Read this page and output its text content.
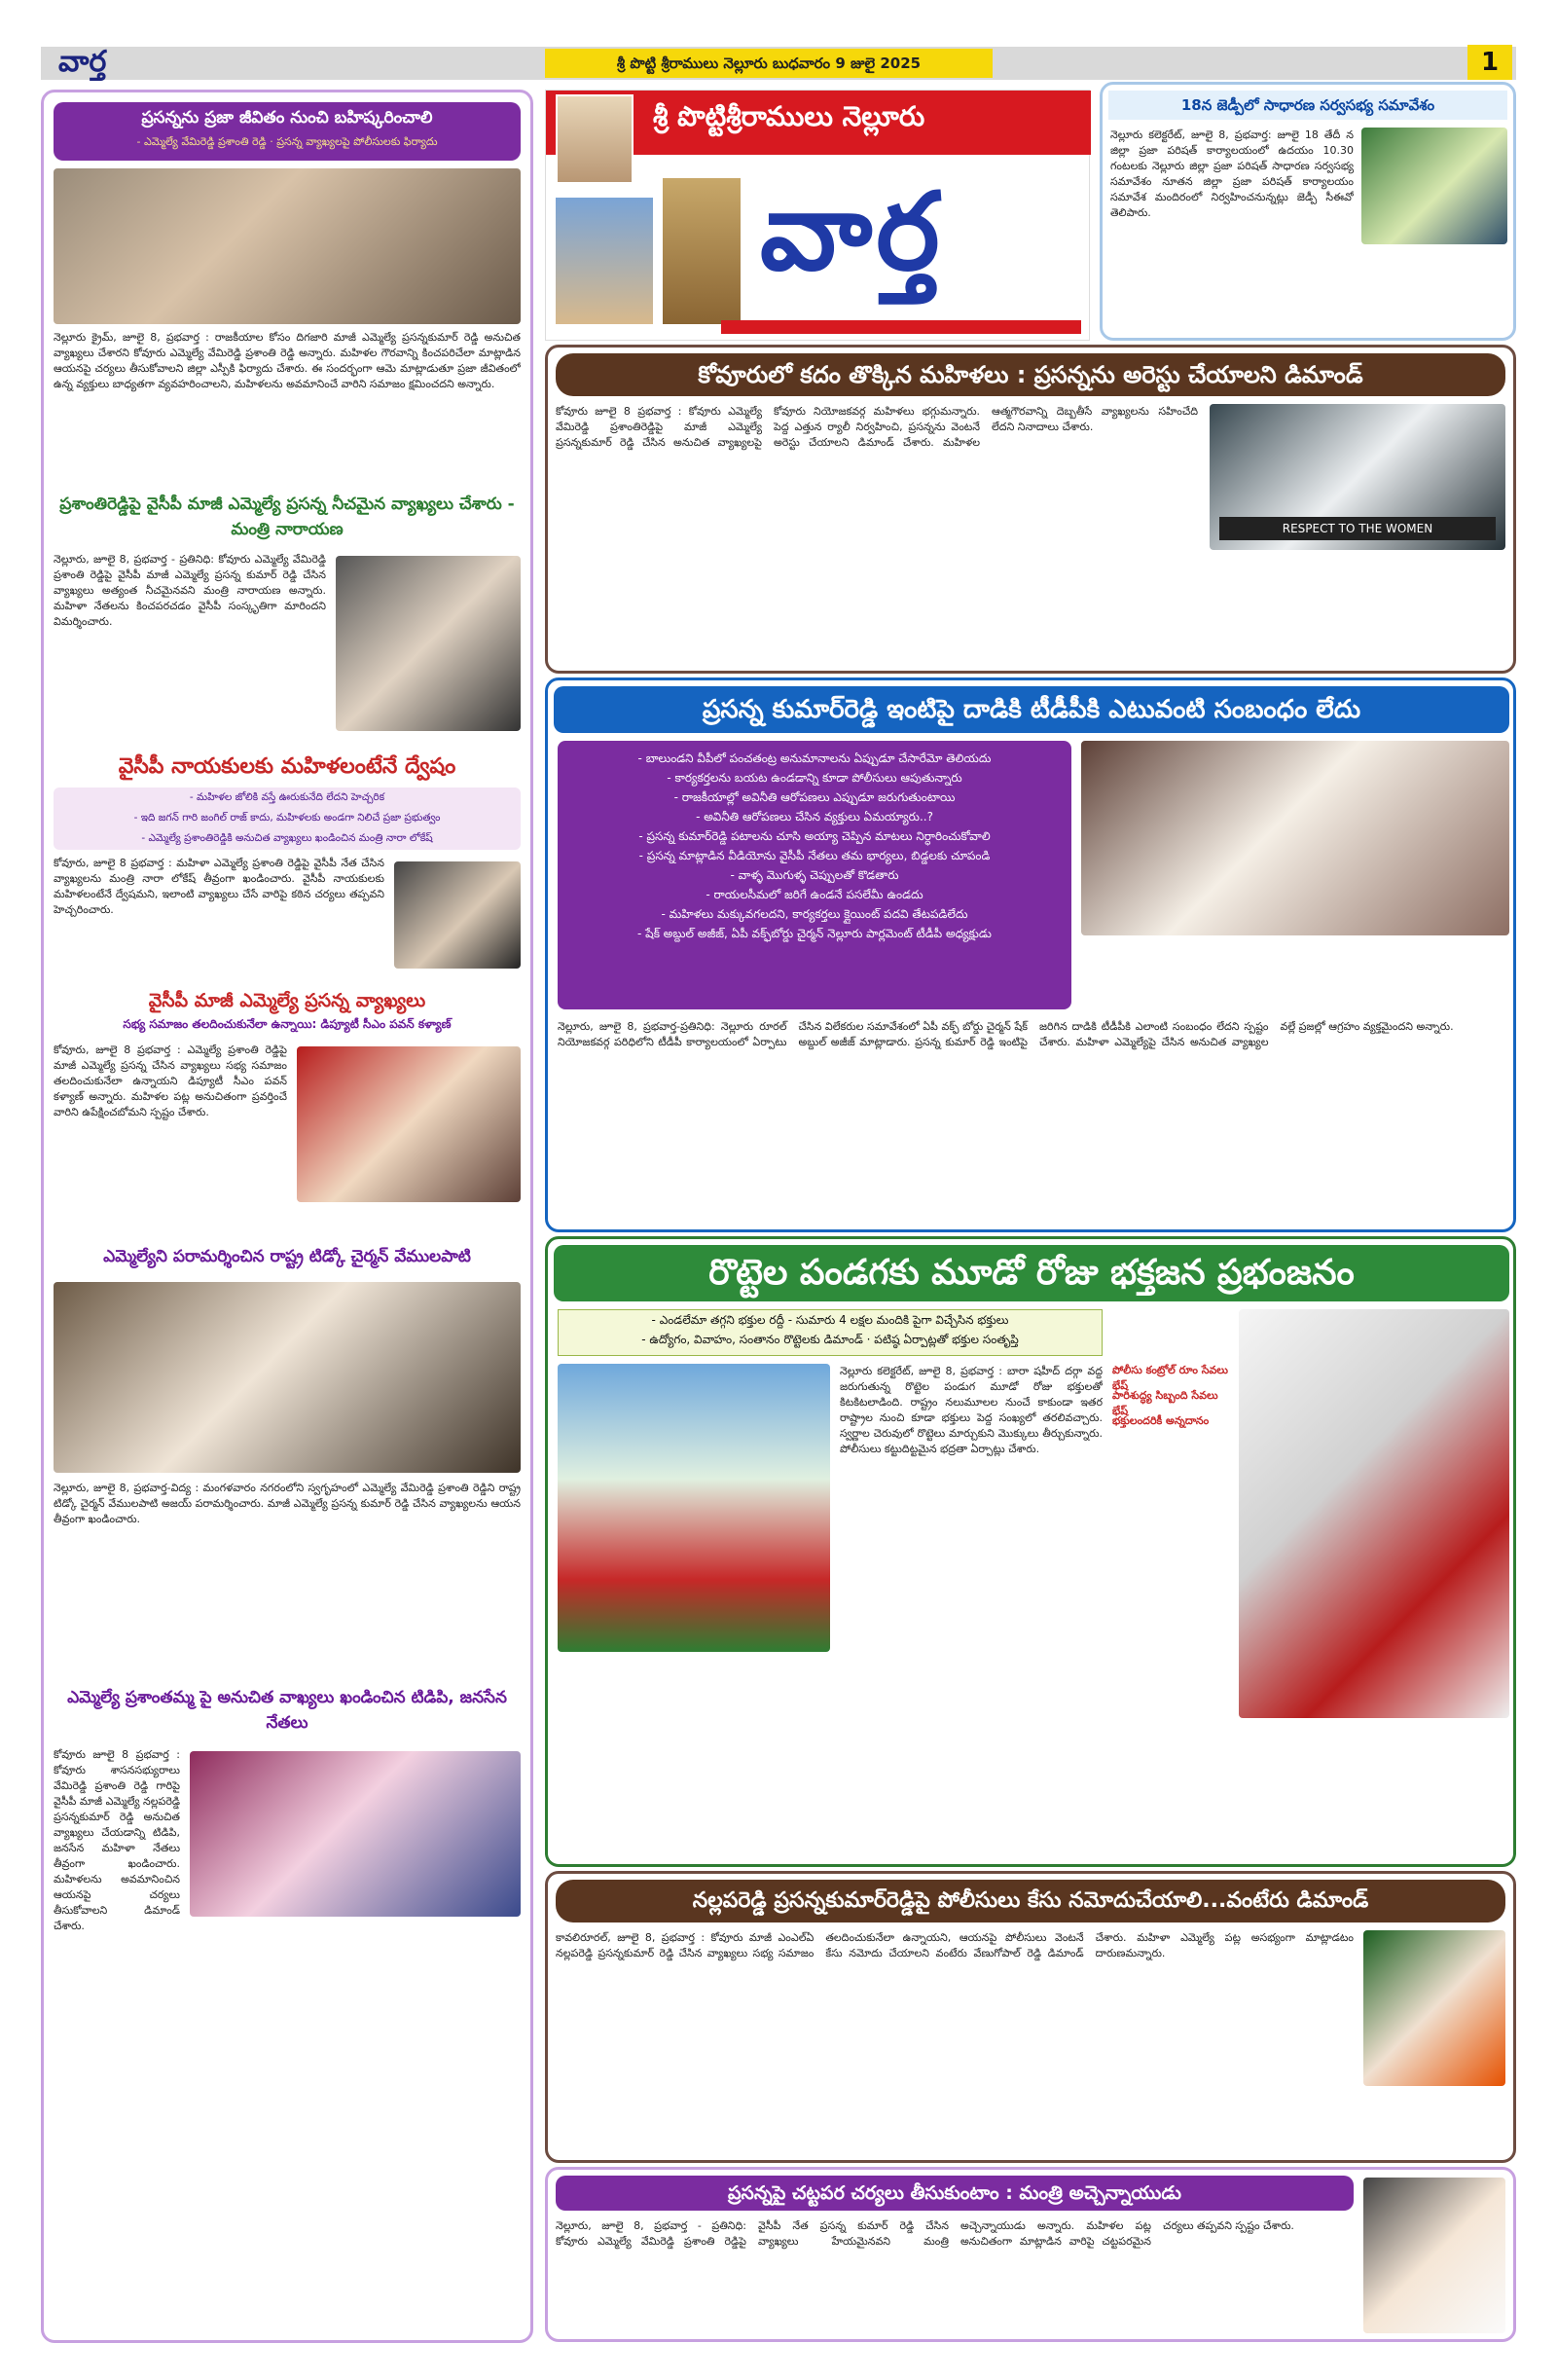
వార్త	శ్రీ పొట్టి శ్రీరాములు నెల్లూరు బుధవారం 9 జులై 2025	1
ప్రసన్నను ప్రజా జీవితం నుంచి బహిష్కరించాలి
- ఎమ్మెల్యే వేమిరెడ్డి ప్రశాంతి రెడ్డి · ప్రసన్న వ్యాఖ్యలపై పోలీసులకు ఫిర్యాదు
నెల్లూరు క్రైమ్, జూలై 8, ప్రభవార్త : రాజకీయాల కోసం దిగజారి మాజీ ఎమ్మెల్యే ప్రసన్నకుమార్ రెడ్డి అనుచిత వ్యాఖ్యలు చేశారని కోవూరు ఎమ్మెల్యే వేమిరెడ్డి ప్రశాంతి రెడ్డి అన్నారు. మహిళల గౌరవాన్ని కించపరిచేలా మాట్లాడిన ఆయనపై చర్యలు తీసుకోవాలని జిల్లా ఎస్పీకి ఫిర్యాదు చేశారు. ఈ సందర్భంగా ఆమె మాట్లాడుతూ ప్రజా జీవితంలో ఉన్న వ్యక్తులు బాధ్యతగా వ్యవహరించాలని, మహిళలను అవమానించే వారిని సమాజం క్షమించదని అన్నారు.
ప్రశాంతిరెడ్డిపై వైసీపీ మాజీ ఎమ్మెల్యే ప్రసన్న నీచమైన వ్యాఖ్యలు చేశారు - మంత్రి నారాయణ
నెల్లూరు, జూలై 8, ప్రభవార్త - ప్రతినిధి: కోవూరు ఎమ్మెల్యే వేమిరెడ్డి ప్రశాంతి రెడ్డిపై వైసీపీ మాజీ ఎమ్మెల్యే ప్రసన్న కుమార్ రెడ్డి చేసిన వ్యాఖ్యలు అత్యంత నీచమైనవని మంత్రి నారాయణ అన్నారు. మహిళా నేతలను కించపరచడం వైసీపీ సంస్కృతిగా మారిందని విమర్శించారు.
వైసీపీ నాయకులకు మహిళలంటేనే ద్వేషం
- మహిళల జోలికి వస్తే ఊరుకునేది లేదని హెచ్చరిక
- ఇది జగన్ గారి జంగిల్ రాజ్ కాదు, మహిళలకు అండగా నిలిచే ప్రజా ప్రభుత్వం
- ఎమ్మెల్యే ప్రశాంతిరెడ్డికి అనుచిత వ్యాఖ్యలు ఖండించిన మంత్రి నారా లోకేష్
కోవూరు, జూలై 8 ప్రభవార్త : మహిళా ఎమ్మెల్యే ప్రశాంతి రెడ్డిపై వైసీపీ నేత చేసిన వ్యాఖ్యలను మంత్రి నారా లోకేష్ తీవ్రంగా ఖండించారు. వైసీపీ నాయకులకు మహిళలంటేనే ద్వేషమని, ఇలాంటి వ్యాఖ్యలు చేసే వారిపై కఠిన చర్యలు తప్పవని హెచ్చరించారు.
వైసీపీ మాజీ ఎమ్మెల్యే ప్రసన్న వ్యాఖ్యలు
సభ్య సమాజం తలదించుకునేలా ఉన్నాయి: డిప్యూటీ సీఎం పవన్ కళ్యాణ్
కోవూరు, జూలై 8 ప్రభవార్త : ఎమ్మెల్యే ప్రశాంతి రెడ్డిపై మాజీ ఎమ్మెల్యే ప్రసన్న చేసిన వ్యాఖ్యలు సభ్య సమాజం తలదించుకునేలా ఉన్నాయని డిప్యూటీ సీఎం పవన్ కళ్యాణ్ అన్నారు. మహిళల పట్ల అనుచితంగా ప్రవర్తించే వారిని ఉపేక్షించబోమని స్పష్టం చేశారు.
ఎమ్మెల్యేని పరామర్శించిన రాష్ట్ర టిడ్కో చైర్మన్ వేములపాటి
నెల్లూరు, జూలై 8, ప్రభవార్త-విద్య : మంగళవారం నగరంలోని స్వగృహంలో ఎమ్మెల్యే వేమిరెడ్డి ప్రశాంతి రెడ్డిని రాష్ట్ర టిడ్కో చైర్మన్ వేములపాటి అజయ్ పరామర్శించారు. మాజీ ఎమ్మెల్యే ప్రసన్న కుమార్ రెడ్డి చేసిన వ్యాఖ్యలను ఆయన తీవ్రంగా ఖండించారు.
ఎమ్మెల్యే ప్రశాంతమ్మ పై అనుచిత వాఖ్యలు ఖండించిన టిడిపి, జనసేన నేతలు
కోవూరు జూలై 8 ప్రభవార్త : కోవూరు శాసనసభ్యురాలు వేమిరెడ్డి ప్రశాంతి రెడ్డి గారిపై వైసీపీ మాజీ ఎమ్మెల్యే నల్లపరెడ్డి ప్రసన్నకుమార్ రెడ్డి అనుచిత వ్యాఖ్యలు చేయడాన్ని టిడిపి, జనసేన మహిళా నేతలు తీవ్రంగా ఖండించారు. మహిళలను అవమానించిన ఆయనపై చర్యలు తీసుకోవాలని డిమాండ్ చేశారు.
శ్రీ పొట్టిశ్రీరాములు నెల్లూరు
వార్త
18న జెడ్పీలో సాధారణ సర్వసభ్య సమావేశం
నెల్లూరు కలెక్టరేట్, జూలై 8, ప్రభవార్త: జూలై 18 తేదీ న జిల్లా ప్రజా పరిషత్ కార్యాలయంలో ఉదయం 10.30 గంటలకు నెల్లూరు జిల్లా ప్రజా పరిషత్ సాధారణ సర్వసభ్య సమావేశం నూతన జిల్లా ప్రజా పరిషత్ కార్యాలయం సమావేశ మందిరంలో నిర్వహించనున్నట్లు జెడ్పీ సీఈవో తెలిపారు.
కోవూరులో కదం తొక్కిన మహిళలు : ప్రసన్నను అరెస్టు చేయాలని డిమాండ్
కోవూరు జూలై 8 ప్రభవార్త : కోవూరు ఎమ్మెల్యే వేమిరెడ్డి ప్రశాంతిరెడ్డిపై మాజీ ఎమ్మెల్యే ప్రసన్నకుమార్ రెడ్డి చేసిన అనుచిత వ్యాఖ్యలపై కోవూరు నియోజకవర్గ మహిళలు భగ్గుమన్నారు. పెద్ద ఎత్తున ర్యాలీ నిర్వహించి, ప్రసన్నను వెంటనే అరెస్టు చేయాలని డిమాండ్ చేశారు. మహిళల ఆత్మగౌరవాన్ని దెబ్బతీసే వ్యాఖ్యలను సహించేది లేదని నినాదాలు చేశారు.
RESPECT TO THE WOMEN
ప్రసన్న కుమార్‌రెడ్డి ఇంటిపై దాడికి టీడీపీకి ఎటువంటి సంబంధం లేదు
- బాలుండని వీపీలో పంచతంట్ర అనుమానాలను ఏప్పుడూ చేసారేమో తెలియదు
- కార్యకర్తలను బయట ఉండడాన్ని కూడా పోలీసులు ఆపుతున్నారు
- రాజకీయాల్లో అవినీతి ఆరోపణలు ఎప్పుడూ జరుగుతుంటాయి
- అవినీతి ఆరోపణలు చేసిన వ్యక్తులు ఏమయ్యారు..?
- ప్రసన్న కుమార్‌రెడ్డి పటాలను చూసి అయ్యా చెప్పిన మాటలు నిర్ధారించుకోవాలి
- ప్రసన్న మాట్లాడిన వీడియోను వైసీపీ నేతలు తమ భార్యలు, బిడ్డలకు చూపండి
- వాళ్ళ మొగుళ్ళ చెప్పులతో కొడతారు
- రాయలసీమలో జరిగే ఉండనే పసలేమీ ఉండదు
- మహిళలు మక్కువగలదని, కార్యకర్తలు క్లైయింట్ పదవి తేటపడిలేదు
- షేక్ అబ్దుల్ అజీజ్, ఏపీ వక్ఫ్‌బోర్డు చైర్మన్ నెల్లూరు పార్లమెంట్ టీడీపీ అధ్యక్షుడు
నెల్లూరు, జూలై 8, ప్రభవార్త-ప్రతినిధి: నెల్లూరు రూరల్ నియోజకవర్గ పరిధిలోని టీడీపీ కార్యాలయంలో ఏర్పాటు చేసిన విలేకరుల సమావేశంలో ఏపీ వక్ఫ్ బోర్డు చైర్మన్ షేక్ అబ్దుల్ అజీజ్ మాట్లాడారు. ప్రసన్న కుమార్ రెడ్డి ఇంటిపై జరిగిన దాడికి టీడీపీకి ఎలాంటి సంబంధం లేదని స్పష్టం చేశారు. మహిళా ఎమ్మెల్యేపై చేసిన అనుచిత వ్యాఖ్యల వల్లే ప్రజల్లో ఆగ్రహం వ్యక్తమైందని అన్నారు.
రొట్టెల పండగకు మూడో రోజు భక్తజన ప్రభంజనం
- ఎండలేమా తగ్గని భక్తుల రద్దీ - సుమారు 4 లక్షల మందికి పైగా విచ్చేసిన భక్తులు
- ఉద్యోగం, వివాహం, సంతానం రొట్టెలకు డిమాండ్ · పటిష్ఠ ఏర్పాట్లతో భక్తుల సంతృప్తి
నెల్లూరు కలెక్టరేట్, జూలై 8, ప్రభవార్త : బారా షహీద్ దర్గా వద్ద జరుగుతున్న రొట్టెల పండుగ మూడో రోజు భక్తులతో కిటకిటలాడింది. రాష్ట్రం నలుమూలల నుంచే కాకుండా ఇతర రాష్ట్రాల నుంచి కూడా భక్తులు పెద్ద సంఖ్యలో తరలివచ్చారు. స్వర్ణాల చెరువులో రొట్టెలు మార్చుకుని మొక్కులు తీర్చుకున్నారు. పోలీసులు కట్టుదిట్టమైన భద్రతా ఏర్పాట్లు చేశారు.
పోలీసు కంట్రోల్ రూం సేవలు భేష్
పారిశుద్ధ్య సిబ్బంది సేవలు భేష్
భక్తులందరికీ అన్నదానం
నల్లపరెడ్డి ప్రసన్నకుమార్‌రెడ్డిపై పోలీసులు కేసు నమోదుచేయాలి...వంటేరు డిమాండ్
కావలిరూరల్, జూలై 8, ప్రభవార్త : కోవూరు మాజీ ఎంఎల్ఏ నల్లపరెడ్డి ప్రసన్నకుమార్ రెడ్డి చేసిన వ్యాఖ్యలు సభ్య సమాజం తలదించుకునేలా ఉన్నాయని, ఆయనపై పోలీసులు వెంటనే కేసు నమోదు చేయాలని వంటేరు వేణుగోపాల్ రెడ్డి డిమాండ్ చేశారు. మహిళా ఎమ్మెల్యే పట్ల అసభ్యంగా మాట్లాడటం దారుణమన్నారు.
ప్రసన్నపై చట్టపర చర్యలు తీసుకుంటాం : మంత్రి అచ్చెన్నాయుడు
నెల్లూరు, జూలై 8, ప్రభవార్త - ప్రతినిధి: కోవూరు ఎమ్మెల్యే వేమిరెడ్డి ప్రశాంతి రెడ్డిపై వైసీపీ నేత ప్రసన్న కుమార్ రెడ్డి చేసిన వ్యాఖ్యలు హేయమైనవని మంత్రి అచ్చెన్నాయుడు అన్నారు. మహిళల పట్ల అనుచితంగా మాట్లాడిన వారిపై చట్టపరమైన చర్యలు తప్పవని స్పష్టం చేశారు.
